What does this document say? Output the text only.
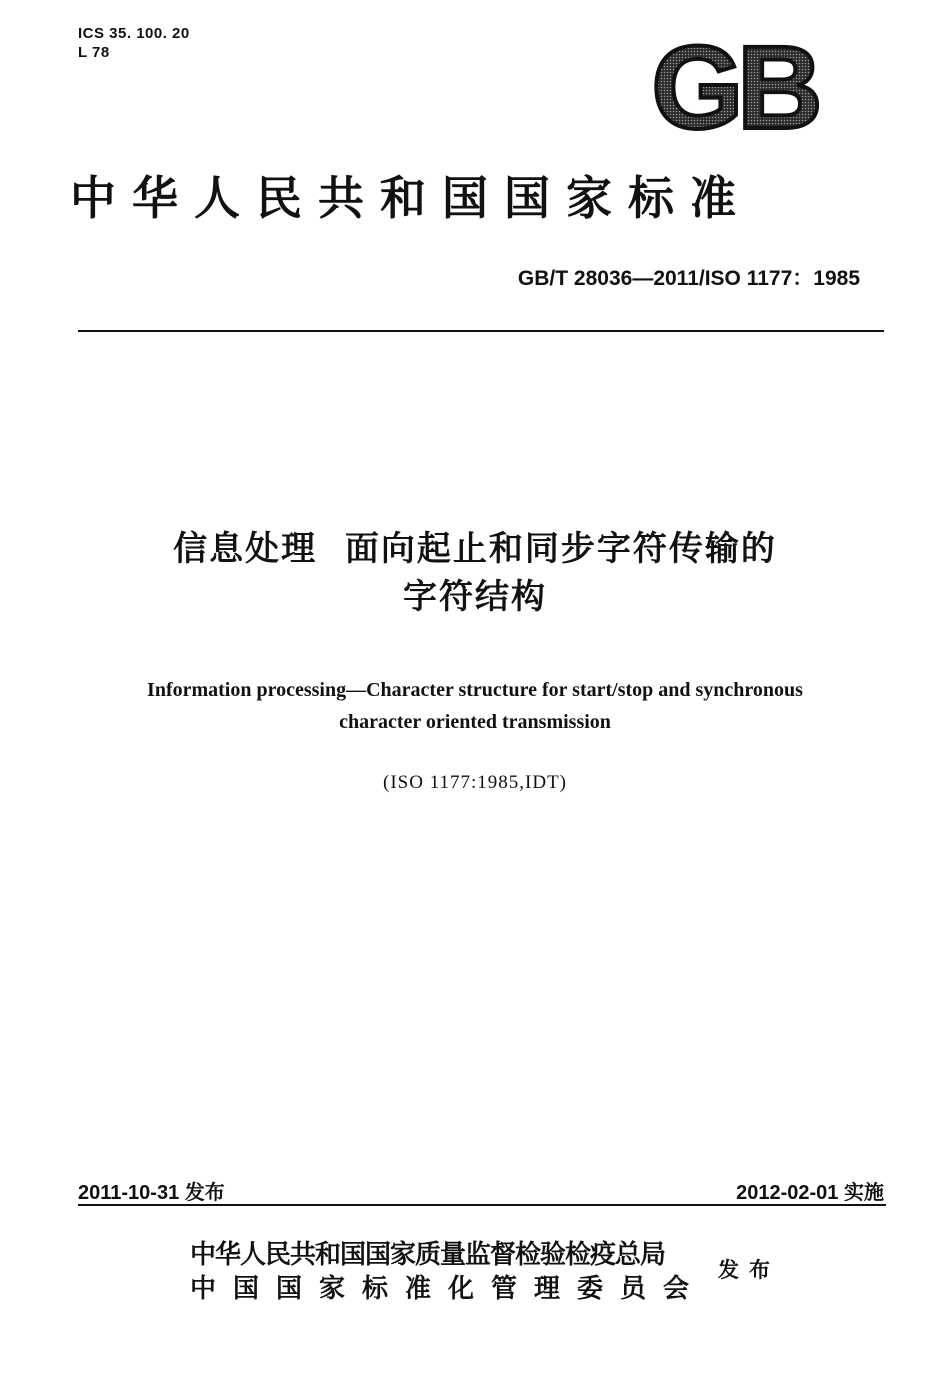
ICS 35. 100. 20
L 78	GB
中华人民共和国国家标准
GB/T 28036—2011/ISO 1177：1985
信息处理  面向起止和同步字符传输的
字符结构
Information processing—Character structure for start/stop and synchronous
character oriented transmission
(ISO 1177:1985,IDT)
2011-10-31 发布	2012-02-01 实施
中华人民共和国国家质量监督检验检疫总局
中国国家标准化管理委员会
发布
